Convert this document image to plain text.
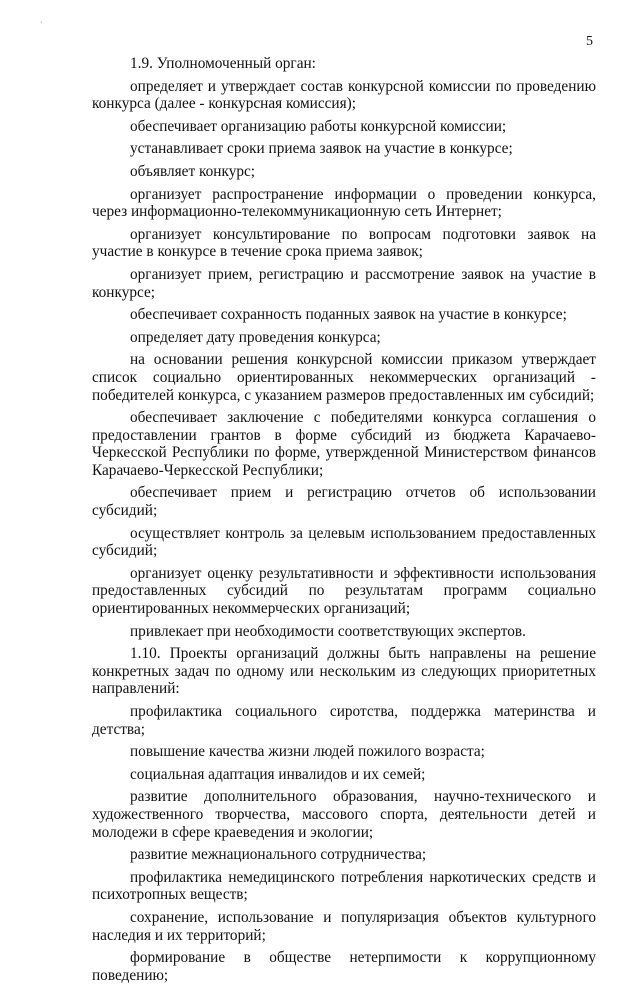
·
5

1.9. Уполномоченный орган:

определяет и утверждает состав конкурсной комиссии по проведению конкурса (далее - конкурсная комиссия);

обеспечивает организацию работы конкурсной комиссии;

устанавливает сроки приема заявок на участие в конкурсе;

объявляет конкурс;

организует распространение информации о проведении конкурса, через информационно-телекоммуникационную сеть Интернет;

организует консультирование по вопросам подготовки заявок на участие в конкурсе в течение срока приема заявок;

организует прием, регистрацию и рассмотрение заявок на участие в конкурсе;

обеспечивает сохранность поданных заявок на участие в конкурсе;

определяет дату проведения конкурса;

на основании решения конкурсной комиссии приказом утверждает список социально ориентированных некоммерческих организаций - победителей конкурса, с указанием размеров предоставленных им субсидий;

обеспечивает заключение с победителями конкурса соглашения о предоставлении грантов в форме субсидий из бюджета Карачаево-Черкесской Республики по форме, утвержденной Министерством финансов Карачаево-Черкесской Республики;

обеспечивает прием и регистрацию отчетов об использовании субсидий;

осуществляет контроль за целевым использованием предоставленных субсидий;

организует оценку результативности и эффективности использования предоставленных субсидий по результатам программ социально ориентированных некоммерческих организаций;

привлекает при необходимости соответствующих экспертов.

1.10. Проекты организаций должны быть направлены на решение конкретных задач по одному или нескольким из следующих приоритетных направлений:

профилактика социального сиротства, поддержка материнства и детства;

повышение качества жизни людей пожилого возраста;

социальная адаптация инвалидов и их семей;

развитие дополнительного образования, научно-технического и художественного творчества, массового спорта, деятельности детей и молодежи в сфере краеведения и экологии;

развитие межнационального сотрудничества;

профилактика немедицинского потребления наркотических средств и психотропных веществ;

сохранение, использование и популяризация объектов культурного наследия и их территорий;

формирование в обществе нетерпимости к коррупционному поведению;
